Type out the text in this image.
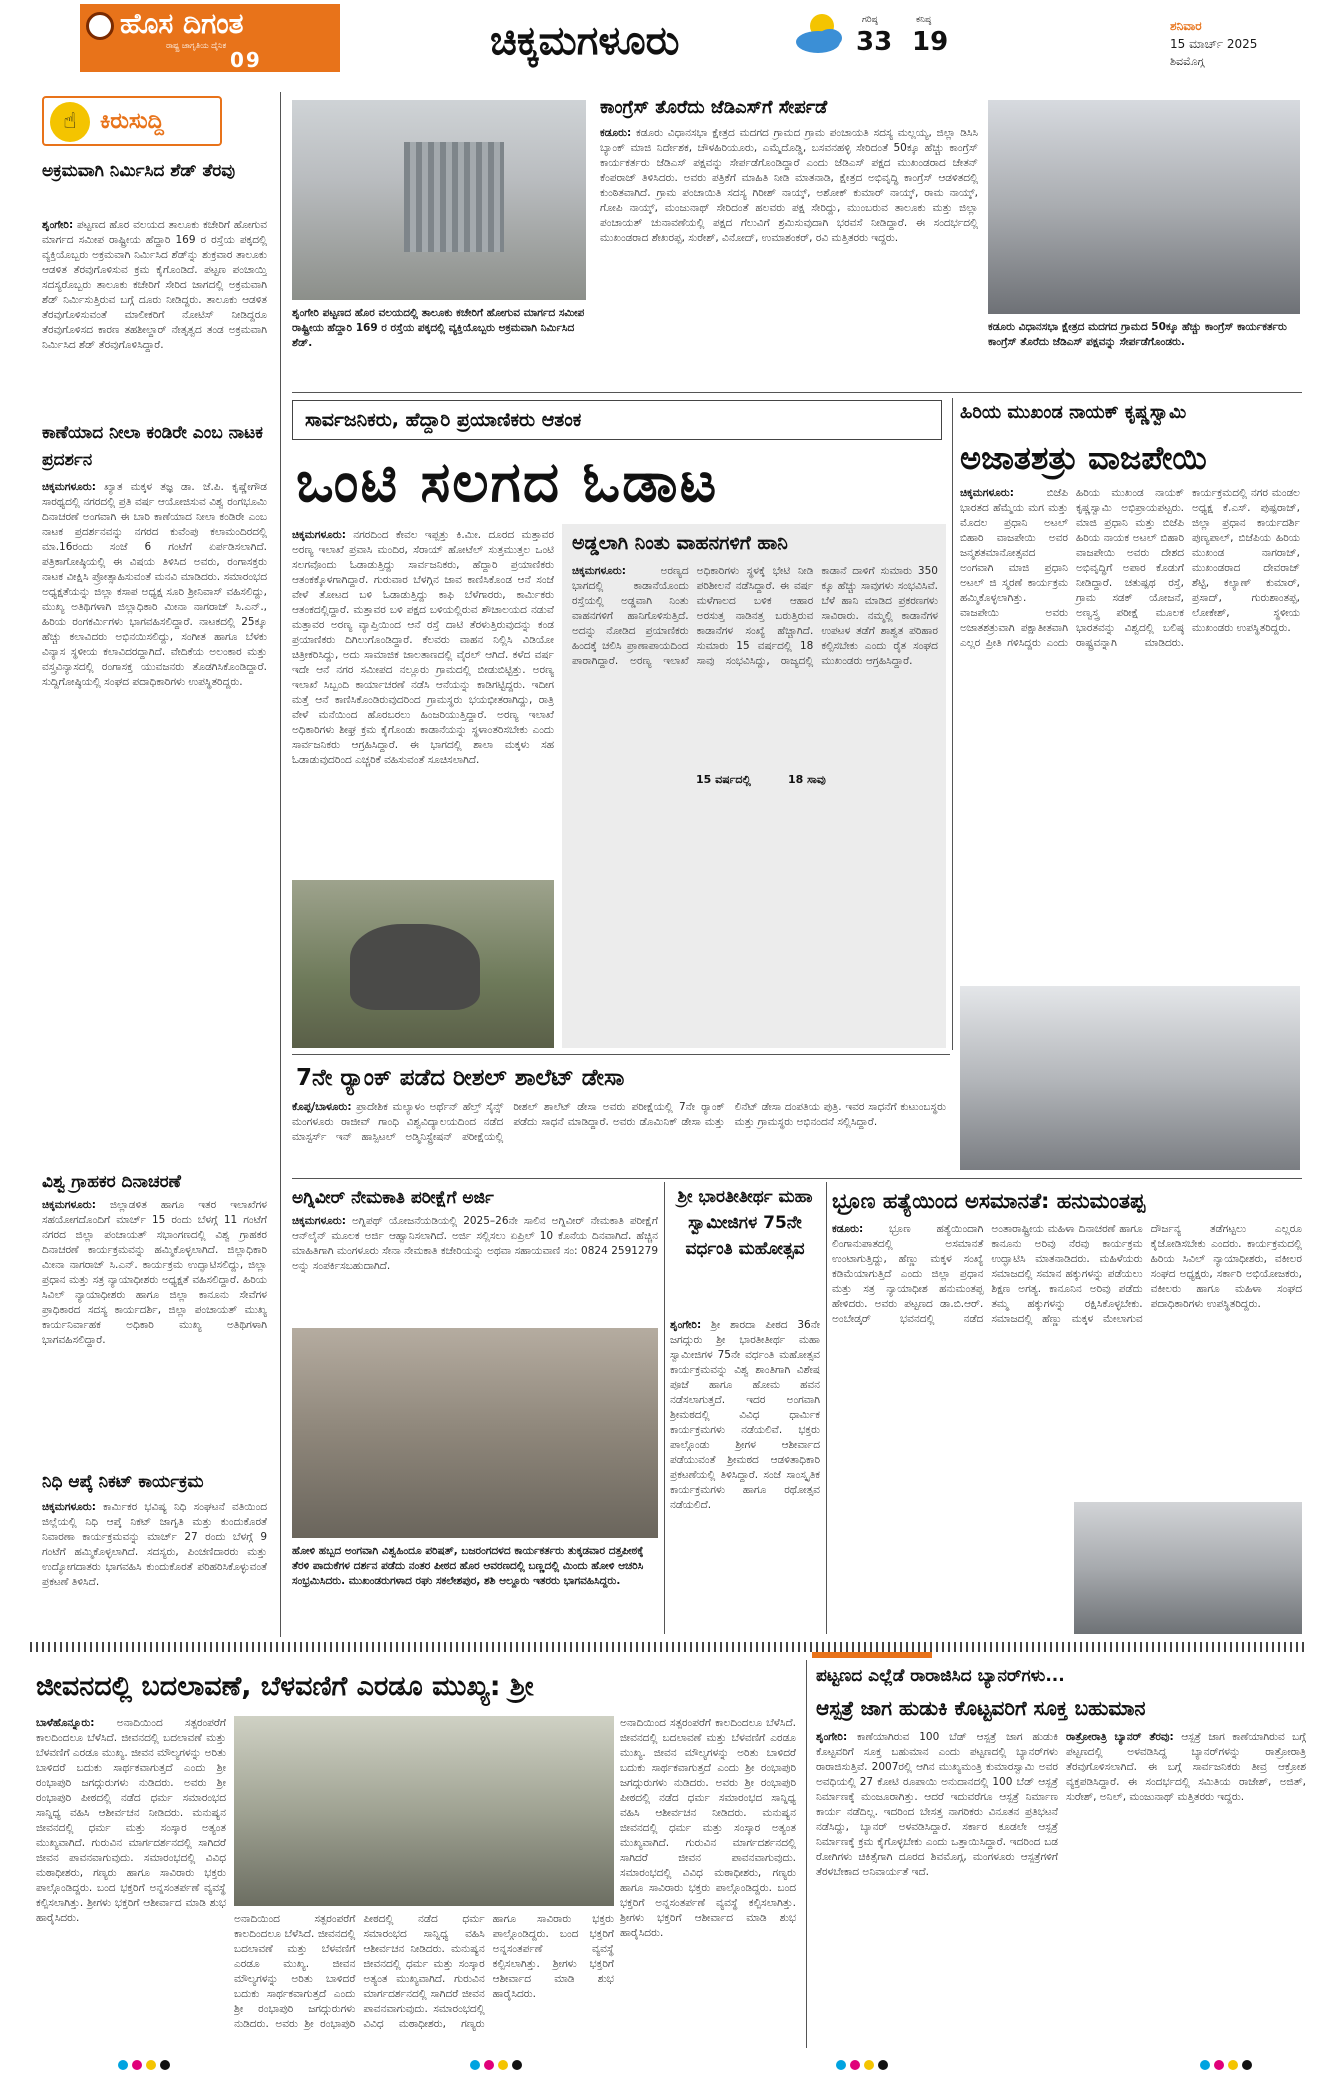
ಹೊಸ ದಿಗಂತ
ರಾಷ್ಟ್ರ ಜಾಗೃತಿಯ ದೈನಿಕ
09	ಚಿಕ್ಕಮಗಳೂರು	ಗರಿಷ್ಠ
33
ಕನಿಷ್ಠ
19
ಶನಿವಾರ
15 ಮಾರ್ಚ್ 2025
ಶಿವಮೊಗ್ಗ
☝	ಕಿರುಸುದ್ದಿ
ಅಕ್ರಮವಾಗಿ ನಿರ್ಮಿಸಿದ ಶೆಡ್ ತೆರವು
ಶೃಂಗೇರಿ: ಪಟ್ಟಣದ ಹೊರ ವಲಯದ ತಾಲೂಕು ಕಚೇರಿಗೆ ಹೋಗುವ ಮಾರ್ಗದ ಸಮೀಪ ರಾಷ್ಟ್ರೀಯ ಹೆದ್ದಾರಿ 169 ರ ರಸ್ತೆಯ ಪಕ್ಕದಲ್ಲಿ ವ್ಯಕ್ತಿಯೊಬ್ಬರು ಅಕ್ರಮವಾಗಿ ನಿರ್ಮಿಸಿದ ಶೆಡ್‌ನ್ನು ಶುಕ್ರವಾರ ತಾಲೂಕು ಆಡಳಿತ ತೆರವುಗೊಳಿಸುವ ಕ್ರಮ ಕೈಗೊಂಡಿದೆ. ಪಟ್ಟಣ ಪಂಚಾಯ್ತಿ ಸದಸ್ಯರೊಬ್ಬರು ತಾಲೂಕು ಕಚೇರಿಗೆ ಸೇರಿದ ಜಾಗದಲ್ಲಿ ಅಕ್ರಮವಾಗಿ ಶೆಡ್ ನಿರ್ಮಿಸುತ್ತಿರುವ ಬಗ್ಗೆ ದೂರು ನೀಡಿದ್ದರು. ತಾಲೂಕು ಆಡಳಿತ ತೆರವುಗೊಳಿಸುವಂತೆ ಮಾಲೀಕರಿಗೆ ನೋಟಿಸ್ ನೀಡಿದ್ದರೂ ತೆರವುಗೊಳಿಸದ ಕಾರಣ ತಹಶೀಲ್ದಾರ್ ನೇತೃತ್ವದ ತಂಡ ಅಕ್ರಮವಾಗಿ ನಿರ್ಮಿಸಿದ ಶೆಡ್ ತೆರವುಗೊಳಿಸಿದ್ದಾರೆ.
ಕಾಣೆಯಾದ ನೀಲಾ ಕಂಡಿರೇ ಎಂಬ ನಾಟಕ ಪ್ರದರ್ಶನ
ಚಿಕ್ಕಮಗಳೂರು: ಖ್ಯಾತ ಮಕ್ಕಳ ತಜ್ಞ ಡಾ. ಜೆ.ಪಿ. ಕೃಷ್ಣೇಗೌಡ ಸಾರಥ್ಯದಲ್ಲಿ ನಗರದಲ್ಲಿ ಪ್ರತಿ ವರ್ಷ ಆಯೋಜಿಸುವ ವಿಶ್ವ ರಂಗಭೂಮಿ ದಿನಾಚರಣೆ ಅಂಗವಾಗಿ ಈ ಬಾರಿ ಕಾಣೆಯಾದ ನೀಲಾ ಕಂಡಿರೇ ಎಂಬ ನಾಟಕ ಪ್ರದರ್ಶನವನ್ನು ನಗರದ ಕುವೆಂಪು ಕಲಾಮಂದಿರದಲ್ಲಿ ಮಾ.16ರಂದು ಸಂಜೆ 6 ಗಂಟೆಗೆ ಏರ್ಪಡಿಸಲಾಗಿದೆ. ಪತ್ರಿಕಾಗೋಷ್ಠಿಯಲ್ಲಿ ಈ ವಿಷಯ ತಿಳಿಸಿದ ಅವರು, ರಂಗಾಸಕ್ತರು ನಾಟಕ ವೀಕ್ಷಿಸಿ ಪ್ರೋತ್ಸಾಹಿಸುವಂತೆ ಮನವಿ ಮಾಡಿದರು. ಸಮಾರಂಭದ ಅಧ್ಯಕ್ಷತೆಯನ್ನು ಜಿಲ್ಲಾ ಕಸಾಪ ಅಧ್ಯಕ್ಷ ಸೂರಿ ಶ್ರೀನಿವಾಸ್ ವಹಿಸಲಿದ್ದು, ಮುಖ್ಯ ಅತಿಥಿಗಳಾಗಿ ಜಿಲ್ಲಾಧಿಕಾರಿ ಮೀನಾ ನಾಗರಾಜ್ ಸಿ.ಎನ್., ಹಿರಿಯ ರಂಗಕರ್ಮಿಗಳು ಭಾಗವಹಿಸಲಿದ್ದಾರೆ. ನಾಟಕದಲ್ಲಿ 25ಕ್ಕೂ ಹೆಚ್ಚು ಕಲಾವಿದರು ಅಭಿನಯಿಸಲಿದ್ದು, ಸಂಗೀತ ಹಾಗೂ ಬೆಳಕು ವಿನ್ಯಾಸ ಸ್ಥಳೀಯ ಕಲಾವಿದರದ್ದಾಗಿದೆ. ವೇದಿಕೆಯ ಅಲಂಕಾರ ಮತ್ತು ವಸ್ತ್ರವಿನ್ಯಾಸದಲ್ಲಿ ರಂಗಾಸಕ್ತ ಯುವಜನರು ತೊಡಗಿಸಿಕೊಂಡಿದ್ದಾರೆ. ಸುದ್ದಿಗೋಷ್ಠಿಯಲ್ಲಿ ಸಂಘದ ಪದಾಧಿಕಾರಿಗಳು ಉಪಸ್ಥಿತರಿದ್ದರು.
ವಿಶ್ವ ಗ್ರಾಹಕರ ದಿನಾಚರಣೆ
ಚಿಕ್ಕಮಗಳೂರು: ಜಿಲ್ಲಾಡಳಿತ ಹಾಗೂ ಇತರ ಇಲಾಖೆಗಳ ಸಹಯೋಗದೊಂದಿಗೆ ಮಾರ್ಚ್ 15 ರಂದು ಬೆಳಗ್ಗೆ 11 ಗಂಟೆಗೆ ನಗರದ ಜಿಲ್ಲಾ ಪಂಚಾಯತ್ ಸಭಾಂಗಣದಲ್ಲಿ ವಿಶ್ವ ಗ್ರಾಹಕರ ದಿನಾಚರಣೆ ಕಾರ್ಯಕ್ರಮವನ್ನು ಹಮ್ಮಿಕೊಳ್ಳಲಾಗಿದೆ. ಜಿಲ್ಲಾಧಿಕಾರಿ ಮೀನಾ ನಾಗರಾಜ್ ಸಿ.ಎನ್. ಕಾರ್ಯಕ್ರಮ ಉದ್ಘಾಟಿಸಲಿದ್ದು, ಜಿಲ್ಲಾ ಪ್ರಧಾನ ಮತ್ತು ಸತ್ರ ನ್ಯಾಯಾಧೀಶರು ಅಧ್ಯಕ್ಷತೆ ವಹಿಸಲಿದ್ದಾರೆ. ಹಿರಿಯ ಸಿವಿಲ್ ನ್ಯಾಯಾಧೀಶರು ಹಾಗೂ ಜಿಲ್ಲಾ ಕಾನೂನು ಸೇವೆಗಳ ಪ್ರಾಧಿಕಾರದ ಸದಸ್ಯ ಕಾರ್ಯದರ್ಶಿ, ಜಿಲ್ಲಾ ಪಂಚಾಯತ್ ಮುಖ್ಯ ಕಾರ್ಯನಿರ್ವಾಹಕ ಅಧಿಕಾರಿ ಮುಖ್ಯ ಅತಿಥಿಗಳಾಗಿ ಭಾಗವಹಿಸಲಿದ್ದಾರೆ.
ನಿಧಿ ಆಪ್ಕೆ ನಿಕಟ್ ಕಾರ್ಯಕ್ರಮ
ಚಿಕ್ಕಮಗಳೂರು: ಕಾರ್ಮಿಕರ ಭವಿಷ್ಯ ನಿಧಿ ಸಂಘಟನೆ ವತಿಯಿಂದ ಜಿಲ್ಲೆಯಲ್ಲಿ ನಿಧಿ ಆಪ್ಕೆ ನಿಕಟ್ ಜಾಗೃತಿ ಮತ್ತು ಕುಂದುಕೊರತೆ ನಿವಾರಣಾ ಕಾರ್ಯಕ್ರಮವನ್ನು ಮಾರ್ಚ್ 27 ರಂದು ಬೆಳಗ್ಗೆ 9 ಗಂಟೆಗೆ ಹಮ್ಮಿಕೊಳ್ಳಲಾಗಿದೆ. ಸದಸ್ಯರು, ಪಿಂಚಣಿದಾರರು ಮತ್ತು ಉದ್ಯೋಗದಾತರು ಭಾಗವಹಿಸಿ ಕುಂದುಕೊರತೆ ಪರಿಹರಿಸಿಕೊಳ್ಳುವಂತೆ ಪ್ರಕಟಣೆ ತಿಳಿಸಿದೆ.
ಶೃಂಗೇರಿ ಪಟ್ಟಣದ ಹೊರ ವಲಯದಲ್ಲಿ ತಾಲೂಕು ಕಚೇರಿಗೆ ಹೋಗುವ ಮಾರ್ಗದ ಸಮೀಪ ರಾಷ್ಟ್ರೀಯ ಹೆದ್ದಾರಿ 169 ರ ರಸ್ತೆಯ ಪಕ್ಕದಲ್ಲಿ ವ್ಯಕ್ತಿಯೊಬ್ಬರು ಅಕ್ರಮವಾಗಿ ನಿರ್ಮಿಸಿದ ಶೆಡ್.
ಕಾಂಗ್ರೆಸ್ ತೊರೆದು ಜೆಡಿಎಸ್‌ಗೆ ಸೇರ್ಪಡೆ
ಕಡೂರು: ಕಡೂರು ವಿಧಾನಸಭಾ ಕ್ಷೇತ್ರದ ಮದಗದ ಗ್ರಾಮದ ಗ್ರಾಮ ಪಂಚಾಯತಿ ಸದಸ್ಯ ಮಲ್ಲಯ್ಯ, ಜಿಲ್ಲಾ ಡಿಸಿಸಿ ಬ್ಯಾಂಕ್ ಮಾಜಿ ನಿರ್ದೇಶಕ, ಚೌಳಹಿರಿಯೂರು, ಎಮ್ಮೆದೊಡ್ಡಿ, ಬಸವನಹಳ್ಳಿ ಸೇರಿದಂತೆ 50ಕ್ಕೂ ಹೆಚ್ಚು ಕಾಂಗ್ರೆಸ್ ಕಾರ್ಯಕರ್ತರು ಜೆಡಿಎಸ್ ಪಕ್ಷವನ್ನು ಸೇರ್ಪಡೆಗೊಂಡಿದ್ದಾರೆ ಎಂದು ಜೆಡಿಎಸ್ ಪಕ್ಷದ ಮುಖಂಡರಾದ ಚೇತನ್ ಕೆಂಪರಾಜ್ ತಿಳಿಸಿದರು. ಅವರು ಪತ್ರಿಕೆಗೆ ಮಾಹಿತಿ ನೀಡಿ ಮಾತನಾಡಿ, ಕ್ಷೇತ್ರದ ಅಭಿವೃದ್ಧಿ ಕಾಂಗ್ರೆಸ್ ಆಡಳಿತದಲ್ಲಿ ಕುಂಠಿತವಾಗಿದೆ. ಗ್ರಾಮ ಪಂಚಾಯಿತಿ ಸದಸ್ಯ ಗಿರೀಶ್ ನಾಯ್ಕ್, ಅಶೋಕ್ ಕುಮಾರ್ ನಾಯ್ಕ್, ರಾಮ ನಾಯ್ಕ್, ಗೋಪಿ ನಾಯ್ಕ್, ಮಂಜುನಾಥ್ ಸೇರಿದಂತೆ ಹಲವರು ಪಕ್ಷ ಸೇರಿದ್ದು, ಮುಂಬರುವ ತಾಲೂಕು ಮತ್ತು ಜಿಲ್ಲಾ ಪಂಚಾಯತ್ ಚುನಾವಣೆಯಲ್ಲಿ ಪಕ್ಷದ ಗೆಲುವಿಗೆ ಶ್ರಮಿಸುವುದಾಗಿ ಭರವಸೆ ನೀಡಿದ್ದಾರೆ. ಈ ಸಂದರ್ಭದಲ್ಲಿ ಮುಖಂಡರಾದ ಶೇಖರಪ್ಪ, ಸುರೇಶ್, ವಿನೋದ್, ಉಮಾಶಂಕರ್, ರವಿ ಮತ್ತಿತರರು ಇದ್ದರು.
ಕಡೂರು ವಿಧಾನಸಭಾ ಕ್ಷೇತ್ರದ ಮದಗದ ಗ್ರಾಮದ 50ಕ್ಕೂ ಹೆಚ್ಚು ಕಾಂಗ್ರೆಸ್ ಕಾರ್ಯಕರ್ತರು ಕಾಂಗ್ರೆಸ್ ತೊರೆದು ಜೆಡಿಎಸ್ ಪಕ್ಷವನ್ನು ಸೇರ್ಪಡೆಗೊಂಡರು.
ಸಾರ್ವಜನಿಕರು, ಹೆದ್ದಾರಿ ಪ್ರಯಾಣಿಕರು ಆತಂಕ
ಒಂಟಿ ಸಲಗದ ಓಡಾಟ
ಚಿಕ್ಕಮಗಳೂರು: ನಗರದಿಂದ ಕೇವಲ ಇಪ್ಪತ್ತು ಕಿ.ಮೀ. ದೂರದ ಮತ್ತಾವರ ಅರಣ್ಯ ಇಲಾಖೆ ಪ್ರವಾಸಿ ಮಂದಿರ, ಸೆರಾಯ್ ಹೋಟೆಲ್ ಸುತ್ತಮುತ್ತಲ ಒಂಟಿ ಸಲಗವೊಂದು ಓಡಾಡುತ್ತಿದ್ದು ಸಾರ್ವಜನಿಕರು, ಹೆದ್ದಾರಿ ಪ್ರಯಾಣಿಕರು ಆತಂಕಕ್ಕೊಳಗಾಗಿದ್ದಾರೆ. ಗುರುವಾರ ಬೆಳಗ್ಗಿನ ಜಾವ ಕಾಣಿಸಿಕೊಂಡ ಆನೆ ಸಂಜೆ ವೇಳೆ ತೋಟದ ಬಳಿ ಓಡಾಡುತ್ತಿದ್ದು ಕಾಫಿ ಬೆಳೆಗಾರರು, ಕಾರ್ಮಿಕರು ಆತಂಕದಲ್ಲಿದ್ದಾರೆ. ಮತ್ತಾವರ ಬಳಿ ಪಕ್ಷದ ಬಳಿಯಲ್ಲಿರುವ ಶೌಚಾಲಯದ ನಡುವೆ ಮತ್ತಾವರ ಅರಣ್ಯ ವ್ಯಾಪ್ತಿಯಿಂದ ಆನೆ ರಸ್ತೆ ದಾಟಿ ತೆರಳುತ್ತಿರುವುದನ್ನು ಕಂಡ ಪ್ರಯಾಣಿಕರು ದಿಗಿಲುಗೊಂಡಿದ್ದಾರೆ. ಕೆಲವರು ವಾಹನ ನಿಲ್ಲಿಸಿ ವಿಡಿಯೋ ಚಿತ್ರೀಕರಿಸಿದ್ದು, ಅದು ಸಾಮಾಜಿಕ ಜಾಲತಾಣದಲ್ಲಿ ವೈರಲ್ ಆಗಿದೆ. ಕಳೆದ ವರ್ಷ ಇದೇ ಆನೆ ನಗರ ಸಮೀಪದ ನಲ್ಲೂರು ಗ್ರಾಮದಲ್ಲಿ ಬೀಡುಬಿಟ್ಟಿತ್ತು. ಅರಣ್ಯ ಇಲಾಖೆ ಸಿಬ್ಬಂದಿ ಕಾರ್ಯಾಚರಣೆ ನಡೆಸಿ ಆನೆಯನ್ನು ಕಾಡಿಗಟ್ಟಿದ್ದರು. ಇದೀಗ ಮತ್ತೆ ಆನೆ ಕಾಣಿಸಿಕೊಂಡಿರುವುದರಿಂದ ಗ್ರಾಮಸ್ಥರು ಭಯಭೀತರಾಗಿದ್ದು, ರಾತ್ರಿ ವೇಳೆ ಮನೆಯಿಂದ ಹೊರಬರಲು ಹಿಂಜರಿಯುತ್ತಿದ್ದಾರೆ. ಅರಣ್ಯ ಇಲಾಖೆ ಅಧಿಕಾರಿಗಳು ಶೀಘ್ರ ಕ್ರಮ ಕೈಗೊಂಡು ಕಾಡಾನೆಯನ್ನು ಸ್ಥಳಾಂತರಿಸಬೇಕು ಎಂದು ಸಾರ್ವಜನಿಕರು ಆಗ್ರಹಿಸಿದ್ದಾರೆ. ಈ ಭಾಗದಲ್ಲಿ ಶಾಲಾ ಮಕ್ಕಳು ಸಹ ಓಡಾಡುವುದರಿಂದ ಎಚ್ಚರಿಕೆ ವಹಿಸುವಂತೆ ಸೂಚಿಸಲಾಗಿದೆ.
ಅಡ್ಡಲಾಗಿ ನಿಂತು ವಾಹನಗಳಿಗೆ ಹಾನಿ
ಚಿಕ್ಕಮಗಳೂರು:	ಅರಣ್ಯದ ಭಾಗದಲ್ಲಿ ಕಾಡಾನೆಯೊಂದು ರಸ್ತೆಯಲ್ಲಿ ಅಡ್ಡವಾಗಿ ನಿಂತು ವಾಹನಗಳಿಗೆ ಹಾನಿಗೊಳಿಸುತ್ತಿದೆ. ಅದನ್ನು ನೋಡಿದ ಪ್ರಯಾಣಿಕರು ಹಿಂದಕ್ಕೆ ಚಲಿಸಿ ಪ್ರಾಣಾಪಾಯದಿಂದ ಪಾರಾಗಿದ್ದಾರೆ. ಅರಣ್ಯ ಇಲಾಖೆ ಅಧಿಕಾರಿಗಳು ಸ್ಥಳಕ್ಕೆ ಭೇಟಿ ನೀಡಿ ಪರಿಶೀಲನೆ ನಡೆಸಿದ್ದಾರೆ. ಈ ವರ್ಷ ಮಳೆಗಾಲದ ಬಳಿಕ ಆಹಾರ ಅರಸುತ್ತ ನಾಡಿನತ್ತ ಬರುತ್ತಿರುವ ಕಾಡಾನೆಗಳ ಸಂಖ್ಯೆ ಹೆಚ್ಚಾಗಿದೆ. ಸುಮಾರು 15 ವರ್ಷದಲ್ಲಿ 18 ಸಾವು ಸಂಭವಿಸಿದ್ದು, ರಾಜ್ಯದಲ್ಲಿ ಕಾಡಾನೆ ದಾಳಿಗೆ ಸುಮಾರು 350 ಕ್ಕೂ ಹೆಚ್ಚು ಸಾವುಗಳು ಸಂಭವಿಸಿವೆ. ಬೆಳೆ ಹಾನಿ ಮಾಡಿದ ಪ್ರಕರಣಗಳು ಸಾವಿರಾರು. ನಮ್ಮಲ್ಲಿ ಕಾಡಾನೆಗಳ ಉಪಟಳ ತಡೆಗೆ ಶಾಶ್ವತ ಪರಿಹಾರ ಕಲ್ಪಿಸಬೇಕು ಎಂದು ರೈತ ಸಂಘದ ಮುಖಂಡರು ಆಗ್ರಹಿಸಿದ್ದಾರೆ.
15 ವರ್ಷದಲ್ಲಿ	18 ಸಾವು
ಹಿರಿಯ ಮುಖಂಡ ನಾಯಕ್ ಕೃಷ್ಣಸ್ವಾಮಿ
ಅಜಾತಶತ್ರು ವಾಜಪೇಯಿ
ಚಿಕ್ಕಮಗಳೂರು:	ಬಿಜೆಪಿ ಭಾರತದ ಹೆಮ್ಮೆಯ ಮಗ ಮತ್ತು ಮೊದಲ ಪ್ರಧಾನಿ ಅಟಲ್ ಬಿಹಾರಿ ವಾಜಪೇಯಿ ಅವರ ಜನ್ಮಶತಮಾನೋತ್ಸವದ ಅಂಗವಾಗಿ ಮಾಜಿ ಪ್ರಧಾನಿ ಅಟಲ್ ಜಿ ಸ್ಮರಣೆ ಕಾರ್ಯಕ್ರಮ ಹಮ್ಮಿಕೊಳ್ಳಲಾಗಿತ್ತು. ವಾಜಪೇಯಿ ಅವರು ಅಜಾತಶತ್ರುವಾಗಿ ಪಕ್ಷಾತೀತವಾಗಿ ಎಲ್ಲರ ಪ್ರೀತಿ ಗಳಿಸಿದ್ದರು ಎಂದು ಹಿರಿಯ ಮುಖಂಡ ನಾಯಕ್ ಕೃಷ್ಣಸ್ವಾಮಿ ಅಭಿಪ್ರಾಯಪಟ್ಟರು. ಮಾಜಿ ಪ್ರಧಾನಿ ಮತ್ತು ಬಿಜೆಪಿ ಹಿರಿಯ ನಾಯಕ ಅಟಲ್ ಬಿಹಾರಿ ವಾಜಪೇಯಿ ಅವರು ದೇಶದ ಅಭಿವೃದ್ಧಿಗೆ ಅಪಾರ ಕೊಡುಗೆ ನೀಡಿದ್ದಾರೆ. ಚತುಷ್ಪಥ ರಸ್ತೆ, ಗ್ರಾಮ ಸಡಕ್ ಯೋಜನೆ, ಅಣ್ವಸ್ತ್ರ ಪರೀಕ್ಷೆ ಮೂಲಕ ಭಾರತವನ್ನು ವಿಶ್ವದಲ್ಲಿ ಬಲಿಷ್ಠ ರಾಷ್ಟ್ರವನ್ನಾಗಿ ಮಾಡಿದರು. ಕಾರ್ಯಕ್ರಮದಲ್ಲಿ ನಗರ ಮಂಡಲ ಅಧ್ಯಕ್ಷ ಕೆ.ಎಸ್. ಪುಷ್ಪರಾಜ್, ಜಿಲ್ಲಾ ಪ್ರಧಾನ ಕಾರ್ಯದರ್ಶಿ ಪುಣ್ಯಪಾಲ್, ಬಿಜೆಪಿಯ ಹಿರಿಯ ಮುಖಂಡ ನಾಗರಾಜ್, ಮುಖಂಡರಾದ ದೇವರಾಜ್ ಶೆಟ್ಟಿ, ಕಲ್ಯಾಣ್ ಕುಮಾರ್, ಪ್ರಸಾದ್, ಗುರುಶಾಂತಪ್ಪ, ಲೋಕೇಶ್, ಸ್ಥಳೀಯ ಮುಖಂಡರು ಉಪಸ್ಥಿತರಿದ್ದರು.
7ನೇ ರ‍್ಯಾಂಕ್ ಪಡೆದ ರೀಶಲ್ ಶಾಲೆಟ್ ಡೇಸಾ
ಕೊಪ್ಪ/ಬಾಳೂರು: ಪ್ರಾದೇಶಿಕ ಮಲ್ಯಾಳಂ ಅರ್ಥೆನ್ ಹೆಲ್ತ್ ಸೈನ್ಸ್ ಮಂಗಳೂರು ರಾಜೀವ್ ಗಾಂಧಿ ವಿಶ್ವವಿದ್ಯಾಲಯದಿಂದ ನಡೆದ ಮಾಸ್ಟರ್ಸ್ ಇನ್ ಹಾಸ್ಪಿಟಲ್ ಅಡ್ಮಿನಿಸ್ಟ್ರೇಷನ್ ಪರೀಕ್ಷೆಯಲ್ಲಿ ರೀಶಲ್ ಶಾಲೆಟ್ ಡೇಸಾ ಅವರು ಪರೀಕ್ಷೆಯಲ್ಲಿ 7ನೇ ರ‍್ಯಾಂಕ್ ಪಡೆದು ಸಾಧನೆ ಮಾಡಿದ್ದಾರೆ. ಅವರು ಡೊಮಿನಿಕ್ ಡೇಸಾ ಮತ್ತು ಲಿನೆಟ್ ಡೇಸಾ ದಂಪತಿಯ ಪುತ್ರಿ. ಇವರ ಸಾಧನೆಗೆ ಕುಟುಂಬಸ್ಥರು ಮತ್ತು ಗ್ರಾಮಸ್ಥರು ಅಭಿನಂದನೆ ಸಲ್ಲಿಸಿದ್ದಾರೆ.
ಅಗ್ನಿವೀರ್ ನೇಮಕಾತಿ ಪರೀಕ್ಷೆಗೆ ಅರ್ಜಿ
ಚಿಕ್ಕಮಗಳೂರು: ಅಗ್ನಿಪಥ್ ಯೋಜನೆಯಡಿಯಲ್ಲಿ 2025–26ನೇ ಸಾಲಿನ ಅಗ್ನಿವೀರ್ ನೇಮಕಾತಿ ಪರೀಕ್ಷೆಗೆ ಆನ್‌ಲೈನ್ ಮೂಲಕ ಅರ್ಜಿ ಆಹ್ವಾನಿಸಲಾಗಿದೆ. ಅರ್ಜಿ ಸಲ್ಲಿಸಲು ಏಪ್ರಿಲ್ 10 ಕೊನೆಯ ದಿನವಾಗಿದೆ. ಹೆಚ್ಚಿನ ಮಾಹಿತಿಗಾಗಿ ಮಂಗಳೂರು ಸೇನಾ ನೇಮಕಾತಿ ಕಚೇರಿಯನ್ನು ಅಥವಾ ಸಹಾಯವಾಣಿ ಸಂ: 0824 2591279 ಅನ್ನು ಸಂಪರ್ಕಿಸಬಹುದಾಗಿದೆ.
ಹೋಳಿ ಹಬ್ಬದ ಅಂಗವಾಗಿ ವಿಶ್ವಹಿಂದೂ ಪರಿಷತ್, ಬಜರಂಗದಳದ ಕಾರ್ಯಕರ್ತರು ತುಕ್ಕಡವಾರ ದತ್ತಪೀಠಕ್ಕೆ ತೆರಳಿ ಪಾದುಕೆಗಳ ದರ್ಶನ ಪಡೆದು ನಂತರ ಪೀಠದ ಹೊರ ಆವರಣದಲ್ಲಿ ಬಣ್ಣದಲ್ಲಿ ಮಿಂದು ಹೋಳಿ ಆಚರಿಸಿ ಸಂಭ್ರಮಿಸಿದರು. ಮುಖಂಡರುಗಳಾದ ರಘು ಸಕಲೇಶಪುರ, ಶಶಿ ಆಲ್ದೂರು ಇತರರು ಭಾಗವಹಿಸಿದ್ದರು.
ಶ್ರೀ ಭಾರತೀತೀರ್ಥ ಮಹಾ ಸ್ವಾಮೀಜಿಗಳ 75ನೇ ವರ್ಧಂತಿ ಮಹೋತ್ಸವ
ಶೃಂಗೇರಿ: ಶ್ರೀ ಶಾರದಾ ಪೀಠದ 36ನೇ ಜಗದ್ಗುರು ಶ್ರೀ ಭಾರತೀತೀರ್ಥ ಮಹಾ ಸ್ವಾಮೀಜಿಗಳ 75ನೇ ವರ್ಧಂತಿ ಮಹೋತ್ಸವ ಕಾರ್ಯಕ್ರಮವನ್ನು ವಿಶ್ವ ಶಾಂತಿಗಾಗಿ ವಿಶೇಷ ಪೂಜೆ ಹಾಗೂ ಹೋಮ ಹವನ ನಡೆಸಲಾಗುತ್ತದೆ. ಇದರ ಅಂಗವಾಗಿ ಶ್ರೀಮಠದಲ್ಲಿ ವಿವಿಧ ಧಾರ್ಮಿಕ ಕಾರ್ಯಕ್ರಮಗಳು ನಡೆಯಲಿವೆ. ಭಕ್ತರು ಪಾಲ್ಗೊಂಡು ಶ್ರೀಗಳ ಆಶೀರ್ವಾದ ಪಡೆಯುವಂತೆ ಶ್ರೀಮಠದ ಆಡಳಿತಾಧಿಕಾರಿ ಪ್ರಕಟಣೆಯಲ್ಲಿ ತಿಳಿಸಿದ್ದಾರೆ. ಸಂಜೆ ಸಾಂಸ್ಕೃತಿಕ ಕಾರ್ಯಕ್ರಮಗಳು ಹಾಗೂ ರಥೋತ್ಸವ ನಡೆಯಲಿದೆ.
ಭ್ರೂಣ ಹತ್ಯೆಯಿಂದ ಅಸಮಾನತೆ: ಹನುಮಂತಪ್ಪ
ಕಡೂರು: ಭ್ರೂಣ ಹತ್ಯೆಯಿಂದಾಗಿ ಲಿಂಗಾನುಪಾತದಲ್ಲಿ ಅಸಮಾನತೆ ಉಂಟಾಗುತ್ತಿದ್ದು, ಹೆಣ್ಣು ಮಕ್ಕಳ ಸಂಖ್ಯೆ ಕಡಿಮೆಯಾಗುತ್ತಿದೆ ಎಂದು ಜಿಲ್ಲಾ ಪ್ರಧಾನ ಮತ್ತು ಸತ್ರ ನ್ಯಾಯಾಧೀಶ ಹನುಮಂತಪ್ಪ ಹೇಳಿದರು. ಅವರು ಪಟ್ಟಣದ ಡಾ.ಬಿ.ಆರ್. ಅಂಬೇಡ್ಕರ್ ಭವನದಲ್ಲಿ ನಡೆದ ಅಂತಾರಾಷ್ಟ್ರೀಯ ಮಹಿಳಾ ದಿನಾಚರಣೆ ಹಾಗೂ ಕಾನೂನು ಅರಿವು ನೆರವು ಕಾರ್ಯಕ್ರಮ ಉದ್ಘಾಟಿಸಿ ಮಾತನಾಡಿದರು. ಮಹಿಳೆಯರು ಸಮಾಜದಲ್ಲಿ ಸಮಾನ ಹಕ್ಕುಗಳನ್ನು ಪಡೆಯಲು ಶಿಕ್ಷಣ ಅಗತ್ಯ. ಕಾನೂನಿನ ಅರಿವು ಪಡೆದು ತಮ್ಮ ಹಕ್ಕುಗಳನ್ನು ರಕ್ಷಿಸಿಕೊಳ್ಳಬೇಕು. ಸಮಾಜದಲ್ಲಿ ಹೆಣ್ಣು ಮಕ್ಕಳ ಮೇಲಾಗುವ ದೌರ್ಜನ್ಯ ತಡೆಗಟ್ಟಲು ಎಲ್ಲರೂ ಕೈಜೋಡಿಸಬೇಕು ಎಂದರು. ಕಾರ್ಯಕ್ರಮದಲ್ಲಿ ಹಿರಿಯ ಸಿವಿಲ್ ನ್ಯಾಯಾಧೀಶರು, ವಕೀಲರ ಸಂಘದ ಅಧ್ಯಕ್ಷರು, ಸರ್ಕಾರಿ ಅಭಿಯೋಜಕರು, ವಕೀಲರು ಹಾಗೂ ಮಹಿಳಾ ಸಂಘದ ಪದಾಧಿಕಾರಿಗಳು ಉಪಸ್ಥಿತರಿದ್ದರು.
ಜೀವನದಲ್ಲಿ ಬದಲಾವಣೆ, ಬೆಳವಣಿಗೆ ಎರಡೂ ಮುಖ್ಯ: ಶ್ರೀ
ಬಾಳೆಹೊನ್ನೂರು: ಅನಾದಿಯಿಂದ ಸತ್ಪರಂಪರೆಗೆ ಕಾಲದಿಂದಲೂ ಬೆಳೆಸಿದೆ. ಜೀವನದಲ್ಲಿ ಬದಲಾವಣೆ ಮತ್ತು ಬೆಳವಣಿಗೆ ಎರಡೂ ಮುಖ್ಯ. ಜೀವನ ಮೌಲ್ಯಗಳನ್ನು ಅರಿತು ಬಾಳಿದರೆ ಬದುಕು ಸಾರ್ಥಕವಾಗುತ್ತದೆ ಎಂದು ಶ್ರೀ ರಂಭಾಪುರಿ ಜಗದ್ಗುರುಗಳು ನುಡಿದರು. ಅವರು ಶ್ರೀ ರಂಭಾಪುರಿ ಪೀಠದಲ್ಲಿ ನಡೆದ ಧರ್ಮ ಸಮಾರಂಭದ ಸಾನ್ನಿಧ್ಯ ವಹಿಸಿ ಆಶೀರ್ವಚನ ನೀಡಿದರು. ಮನುಷ್ಯನ ಜೀವನದಲ್ಲಿ ಧರ್ಮ ಮತ್ತು ಸಂಸ್ಕಾರ ಅತ್ಯಂತ ಮುಖ್ಯವಾಗಿದೆ. ಗುರುವಿನ ಮಾರ್ಗದರ್ಶನದಲ್ಲಿ ಸಾಗಿದರೆ ಜೀವನ ಪಾವನವಾಗುವುದು. ಸಮಾರಂಭದಲ್ಲಿ ವಿವಿಧ ಮಠಾಧೀಶರು, ಗಣ್ಯರು ಹಾಗೂ ಸಾವಿರಾರು ಭಕ್ತರು ಪಾಲ್ಗೊಂಡಿದ್ದರು. ಬಂದ ಭಕ್ತರಿಗೆ ಅನ್ನಸಂತರ್ಪಣೆ ವ್ಯವಸ್ಥೆ ಕಲ್ಪಿಸಲಾಗಿತ್ತು. ಶ್ರೀಗಳು ಭಕ್ತರಿಗೆ ಆಶೀರ್ವಾದ ಮಾಡಿ ಶುಭ ಹಾರೈಸಿದರು.	ಅನಾದಿಯಿಂದ ಸತ್ಪರಂಪರೆಗೆ ಕಾಲದಿಂದಲೂ ಬೆಳೆಸಿದೆ. ಜೀವನದಲ್ಲಿ ಬದಲಾವಣೆ ಮತ್ತು ಬೆಳವಣಿಗೆ ಎರಡೂ ಮುಖ್ಯ. ಜೀವನ ಮೌಲ್ಯಗಳನ್ನು ಅರಿತು ಬಾಳಿದರೆ ಬದುಕು ಸಾರ್ಥಕವಾಗುತ್ತದೆ ಎಂದು ಶ್ರೀ ರಂಭಾಪುರಿ ಜಗದ್ಗುರುಗಳು ನುಡಿದರು. ಅವರು ಶ್ರೀ ರಂಭಾಪುರಿ ಪೀಠದಲ್ಲಿ ನಡೆದ ಧರ್ಮ ಸಮಾರಂಭದ ಸಾನ್ನಿಧ್ಯ ವಹಿಸಿ ಆಶೀರ್ವಚನ ನೀಡಿದರು. ಮನುಷ್ಯನ ಜೀವನದಲ್ಲಿ ಧರ್ಮ ಮತ್ತು ಸಂಸ್ಕಾರ ಅತ್ಯಂತ ಮುಖ್ಯವಾಗಿದೆ. ಗುರುವಿನ ಮಾರ್ಗದರ್ಶನದಲ್ಲಿ ಸಾಗಿದರೆ ಜೀವನ ಪಾವನವಾಗುವುದು. ಸಮಾರಂಭದಲ್ಲಿ ವಿವಿಧ ಮಠಾಧೀಶರು, ಗಣ್ಯರು ಹಾಗೂ ಸಾವಿರಾರು ಭಕ್ತರು ಪಾಲ್ಗೊಂಡಿದ್ದರು. ಬಂದ ಭಕ್ತರಿಗೆ ಅನ್ನಸಂತರ್ಪಣೆ ವ್ಯವಸ್ಥೆ ಕಲ್ಪಿಸಲಾಗಿತ್ತು. ಶ್ರೀಗಳು ಭಕ್ತರಿಗೆ ಆಶೀರ್ವಾದ ಮಾಡಿ ಶುಭ ಹಾರೈಸಿದರು.
ಅನಾದಿಯಿಂದ ಸತ್ಪರಂಪರೆಗೆ ಕಾಲದಿಂದಲೂ ಬೆಳೆಸಿದೆ. ಜೀವನದಲ್ಲಿ ಬದಲಾವಣೆ ಮತ್ತು ಬೆಳವಣಿಗೆ ಎರಡೂ ಮುಖ್ಯ. ಜೀವನ ಮೌಲ್ಯಗಳನ್ನು ಅರಿತು ಬಾಳಿದರೆ ಬದುಕು ಸಾರ್ಥಕವಾಗುತ್ತದೆ ಎಂದು ಶ್ರೀ ರಂಭಾಪುರಿ ಜಗದ್ಗುರುಗಳು ನುಡಿದರು. ಅವರು ಶ್ರೀ ರಂಭಾಪುರಿ ಪೀಠದಲ್ಲಿ ನಡೆದ ಧರ್ಮ ಸಮಾರಂಭದ ಸಾನ್ನಿಧ್ಯ ವಹಿಸಿ ಆಶೀರ್ವಚನ ನೀಡಿದರು. ಮನುಷ್ಯನ ಜೀವನದಲ್ಲಿ ಧರ್ಮ ಮತ್ತು ಸಂಸ್ಕಾರ ಅತ್ಯಂತ ಮುಖ್ಯವಾಗಿದೆ. ಗುರುವಿನ ಮಾರ್ಗದರ್ಶನದಲ್ಲಿ ಸಾಗಿದರೆ ಜೀವನ ಪಾವನವಾಗುವುದು. ಸಮಾರಂಭದಲ್ಲಿ ವಿವಿಧ ಮಠಾಧೀಶರು, ಗಣ್ಯರು ಹಾಗೂ ಸಾವಿರಾರು ಭಕ್ತರು ಪಾಲ್ಗೊಂಡಿದ್ದರು. ಬಂದ ಭಕ್ತರಿಗೆ ಅನ್ನಸಂತರ್ಪಣೆ ವ್ಯವಸ್ಥೆ ಕಲ್ಪಿಸಲಾಗಿತ್ತು. ಶ್ರೀಗಳು ಭಕ್ತರಿಗೆ ಆಶೀರ್ವಾದ ಮಾಡಿ ಶುಭ ಹಾರೈಸಿದರು.
ಪಟ್ಟಣದ ಎಲ್ಲೆಡೆ ರಾರಾಜಿಸಿದ ಬ್ಯಾನರ್‌ಗಳು...
ಆಸ್ಪತ್ರೆ ಜಾಗ ಹುಡುಕಿ ಕೊಟ್ಟವರಿಗೆ ಸೂಕ್ತ ಬಹುಮಾನ
ಶೃಂಗೇರಿ: ಕಾಣೆಯಾಗಿರುವ 100 ಬೆಡ್ ಆಸ್ಪತ್ರೆ ಜಾಗ ಹುಡುಕಿ ಕೊಟ್ಟವರಿಗೆ ಸೂಕ್ತ ಬಹುಮಾನ ಎಂದು ಪಟ್ಟಣದಲ್ಲಿ ಬ್ಯಾನರ್‌ಗಳು ರಾರಾಜಿಸುತ್ತಿವೆ. 2007ರಲ್ಲಿ ಆಗಿನ ಮುಖ್ಯಮಂತ್ರಿ ಕುಮಾರಸ್ವಾಮಿ ಅವರ ಅವಧಿಯಲ್ಲಿ 27 ಕೋಟಿ ರೂಪಾಯಿ ಅನುದಾನದಲ್ಲಿ 100 ಬೆಡ್ ಆಸ್ಪತ್ರೆ ನಿರ್ಮಾಣಕ್ಕೆ ಮಂಜೂರಾಗಿತ್ತು. ಆದರೆ ಇದುವರೆಗೂ ಆಸ್ಪತ್ರೆ ನಿರ್ಮಾಣ ಕಾರ್ಯ ನಡೆದಿಲ್ಲ. ಇದರಿಂದ ಬೇಸತ್ತ ನಾಗರಿಕರು ವಿನೂತನ ಪ್ರತಿಭಟನೆ ನಡೆಸಿದ್ದು, ಬ್ಯಾನರ್ ಅಳವಡಿಸಿದ್ದಾರೆ. ಸರ್ಕಾರ ಕೂಡಲೇ ಆಸ್ಪತ್ರೆ ನಿರ್ಮಾಣಕ್ಕೆ ಕ್ರಮ ಕೈಗೊಳ್ಳಬೇಕು ಎಂದು ಒತ್ತಾಯಿಸಿದ್ದಾರೆ. ಇದರಿಂದ ಬಡ ರೋಗಿಗಳು ಚಿಕಿತ್ಸೆಗಾಗಿ ದೂರದ ಶಿವಮೊಗ್ಗ, ಮಂಗಳೂರು ಆಸ್ಪತ್ರೆಗಳಿಗೆ ತೆರಳಬೇಕಾದ ಅನಿವಾರ್ಯತೆ ಇದೆ.
ರಾತ್ರೋರಾತ್ರಿ ಬ್ಯಾನರ್ ತೆರವು: ಆಸ್ಪತ್ರೆ ಜಾಗ ಕಾಣೆಯಾಗಿರುವ ಬಗ್ಗೆ ಪಟ್ಟಣದಲ್ಲಿ ಅಳವಡಿಸಿದ್ದ ಬ್ಯಾನರ್‌ಗಳನ್ನು ರಾತ್ರೋರಾತ್ರಿ ತೆರವುಗೊಳಿಸಲಾಗಿದೆ. ಈ ಬಗ್ಗೆ ಸಾರ್ವಜನಿಕರು ತೀವ್ರ ಆಕ್ರೋಶ ವ್ಯಕ್ತಪಡಿಸಿದ್ದಾರೆ. ಈ ಸಂದರ್ಭದಲ್ಲಿ ಸಮಿತಿಯ ರಾಜೇಶ್, ಅಜಿತ್, ಸುರೇಶ್, ಅನಿಲ್, ಮಂಜುನಾಥ್ ಮತ್ತಿತರರು ಇದ್ದರು.
